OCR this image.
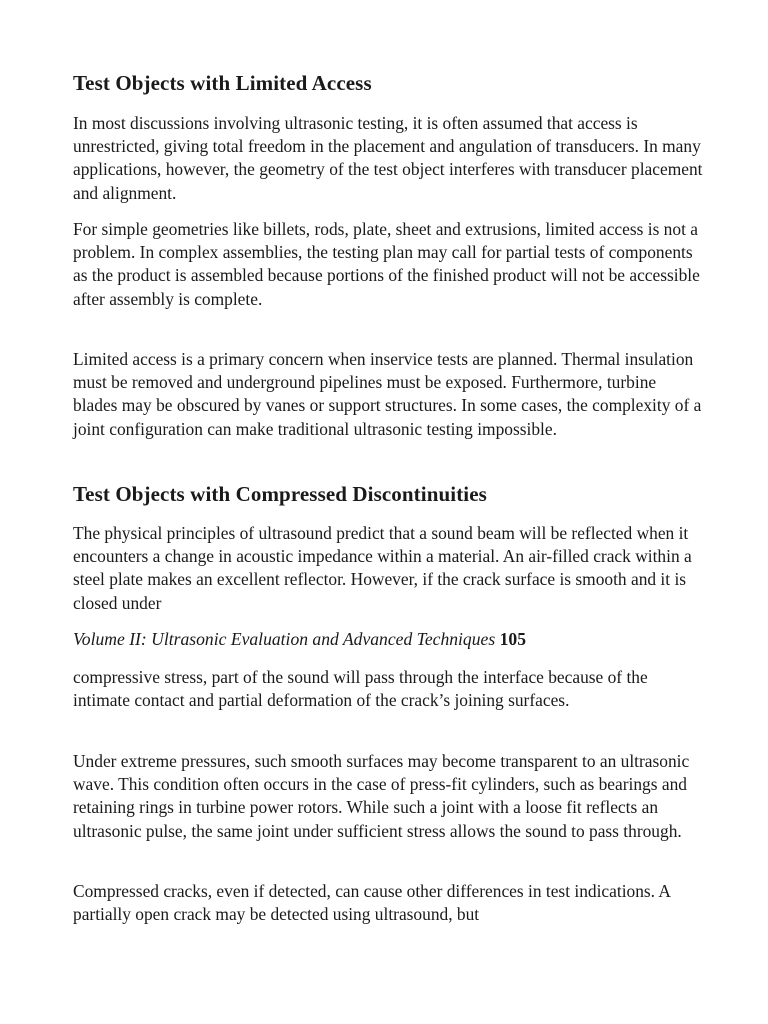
Test Objects with Limited Access

In most discussions involving ultrasonic testing, it is often assumed that access is unrestricted, giving total freedom in the placement and angulation of transducers. In many applications, however, the geometry of the test object interferes with transducer placement and alignment.

For simple geometries like billets, rods, plate, sheet and extrusions, limited access is not a problem. In complex assemblies, the testing plan may call for partial tests of components as the product is assembled because portions of the finished product will not be accessible after assembly is complete.

Limited access is a primary concern when inservice tests are planned. Thermal insulation must be removed and underground pipelines must be exposed. Furthermore, turbine blades may be obscured by vanes or support structures. In some cases, the complexity of a joint configuration can make traditional ultrasonic testing impossible.

Test Objects with Compressed Discontinuities

The physical principles of ultrasound predict that a sound beam will be reflected when it encounters a change in acoustic impedance within a material. An air-filled crack within a steel plate makes an excellent reflector. However, if the crack surface is smooth and it is closed under

Volume II: Ultrasonic Evaluation and Advanced Techniques 105

compressive stress, part of the sound will pass through the interface because of the intimate contact and partial deformation of the crack’s joining surfaces.

Under extreme pressures, such smooth surfaces may become transparent to an ultrasonic wave. This condition often occurs in the case of press-fit cylinders, such as bearings and retaining rings in turbine power rotors. While such a joint with a loose fit reflects an ultrasonic pulse, the same joint under sufficient stress allows the sound to pass through.

Compressed cracks, even if detected, can cause other differences in test indications. A partially open crack may be detected using ultrasound, but
